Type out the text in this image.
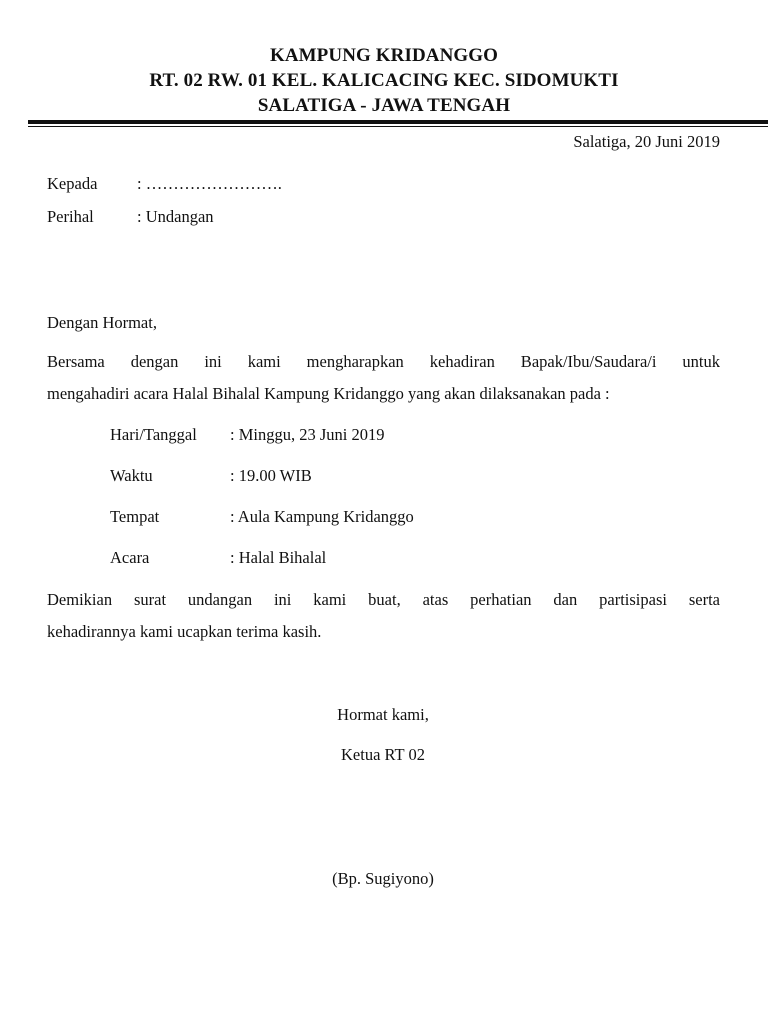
KAMPUNG KRIDANGGO
RT. 02 RW. 01 KEL. KALICACING KEC. SIDOMUKTI
SALATIGA - JAWA TENGAH
Salatiga, 20 Juni 2019
Kepada : …………………….
Perihal	: Undangan
Dengan Hormat,
Bersama dengan ini kami mengharapkan kehadiran Bapak/Ibu/Saudara/i untuk
mengahadiri acara Halal Bihalal Kampung Kridanggo yang akan dilaksanakan pada :
Hari/Tanggal : Minggu, 23 Juni 2019
Waktu	: 19.00 WIB
Tempat	: Aula Kampung Kridanggo
Acara	: Halal Bihalal
Demikian surat undangan ini kami buat, atas perhatian dan partisipasi serta
kehadirannya kami ucapkan terima kasih.
Hormat kami,
Ketua RT 02
(Bp. Sugiyono)
